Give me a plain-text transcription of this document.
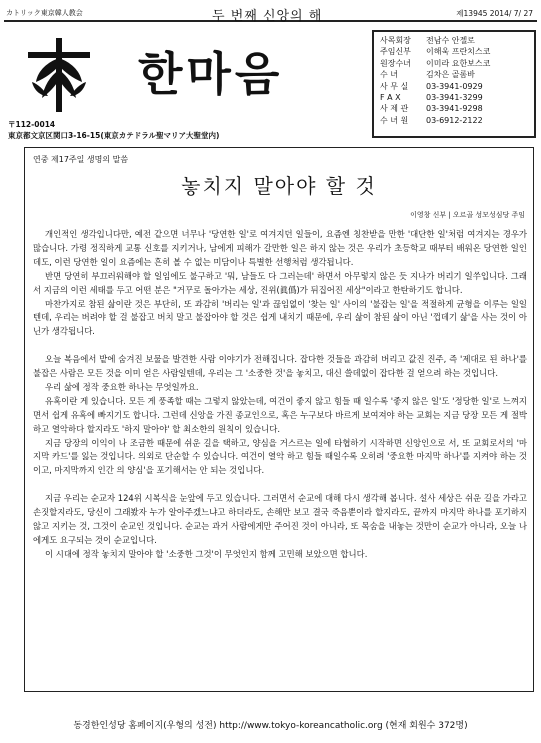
カトリック東京韓人教会	두 번째 신앙의 해	제13945 2014/ 7/ 27
한마음
〒112-0014
東京都文京区関口3-16-15(東京カテドラル聖マリア大聖堂内)
사목회장	전남수 안젤로
주임신부	이해욱 프란치스코
원장수녀	이미라 요한보스코
수 녀	김차은 골롬바
사 무 실	03-3941-0929
F A X	03-3941-3299
사 제 관	03-3941-9298
수 녀 원	03-6912-2122
연중 제17주일 생명의 말씀
놓치지 말아야 할 것
이영창 신부 | 오르골 성모성심당 주임

개인적인 생각입니다만, 예전 같으면 너무나 '당연한 일'로 여겨지던 일들이, 요즘엔 칭찬받을 만한 '대단한 일'처럼 여겨지는 경우가 많습니다. 가령 정직하게 교통 신호를 지키거나, 남에게 피해가 갈만한 일은 하지 않는 것은 우리가 초등학교 때부터 배워온 당연한 일인데도, 이런 당연한 일이 요즘에는 흔히 볼 수 없는 미담이나 특별한 선행처럼 생각됩니다.

반면 당연히 부끄러워해야 할 일임에도 불구하고 '뭐, 남들도 다 그러는데' 하면서 아무렇지 않은 듯 지나가 버리기 일쑤입니다. 그래서 지금의 이런 세태를 두고 어떤 분은 "거꾸로 돌아가는 세상, 진위(眞僞)가 뒤집어진 세상"이라고 한탄하기도 합니다.

마찬가지로 참된 삶이란 것은 부단히, 또 과감히 '버리는 일'과 끊임없이 '찾는 일' 사이의 '불잡는 일'을 적절하게 균형을 이루는 일일 텐데, 우리는 버려야 할 걸 불잡고 버치 말고 불잡아야 할 것은 쉽게 내치기 때문에, 우리 삶이 참된 삶이 아닌 '껍데기 삶'을 사는 것이 아닌가 생각됩니다.

오늘 복음에서 밭에 숨겨진 보물을 발견한 사람 이야기가 전해집니다. 잡다한 것들을 과감히 버리고 값진 진주, 즉 '제대로 된 하나'를 불잡은 사람은 모든 것을 이미 얻은 사람일텐데, 우리는 그 '소중한 것'을 놓치고, 대신 쓸데없이 잡다한 걸 얻으려 하는 것입니다.

우리 삶에 정작 중요한 하나는 무엇일까요.

유혹이란 게 있습니다. 모든 게 풍족할 때는 그렇지 않았는데, 여건이 좋지 않고 힘들 때 일수록 '좋지 않은 일'도 '정당한 일'로 느껴지면서 쉽게 유혹에 빠지기도 합니다. 그런데 신앙을 가진 종교인으로, 혹은 누구보다 바르게 보여져야 하는 교회는 지금 당장 모든 게 절박하고 열악하다 할지라도 '하지 말아야' 할 최소한의 원칙이 있습니다.

지금 당장의 이익이 나 조금한 때문에 쉬운 길을 택하고, 양심을 거스르는 일에 타협하기 시작하면 신앙인으로 서, 또 교회로서의 '마지막 카드'를 잃는 것입니다. 의외로 단순할 수 있습니다. 여건이 열악 하고 힘들 때일수록 오히려 '중요한 마지막 하나'를 지켜야 하는 것이고, 마지막까지 인간 의 양심'을 포기해서는 안 되는 것입니다.

지금 우리는 순교자 124위 시복식을 눈앞에 두고 있습니다. 그러면서 순교에 대해 다시 생각해 봅니다. 설사 세상은 쉬운 길을 가라고 손짓할지라도, 당신이 그래봤자 누가 알아주겠느냐고 하더라도, 손해만 보고 결국 죽음뿐이라 할지라도, 끝까지 마지막 하나를 포기하지 않고 지키는 것, 그것이 순교인 것입니다. 순교는 과거 사람에게만 주어진 것이 아니라, 또 목숨을 내놓는 것만이 순교가 아니라, 오늘 나에게도 요구되는 것이 순교입니다.

이 시대에 정작 놓치지 말아야 할 '소중한 그것'이 무엇인지 함께 고민해 보았으면 합니다.

동경한인성당 홈페이지(우형의 성전) http://www.tokyo-koreancatholic.org (현재 회원수 372명)
